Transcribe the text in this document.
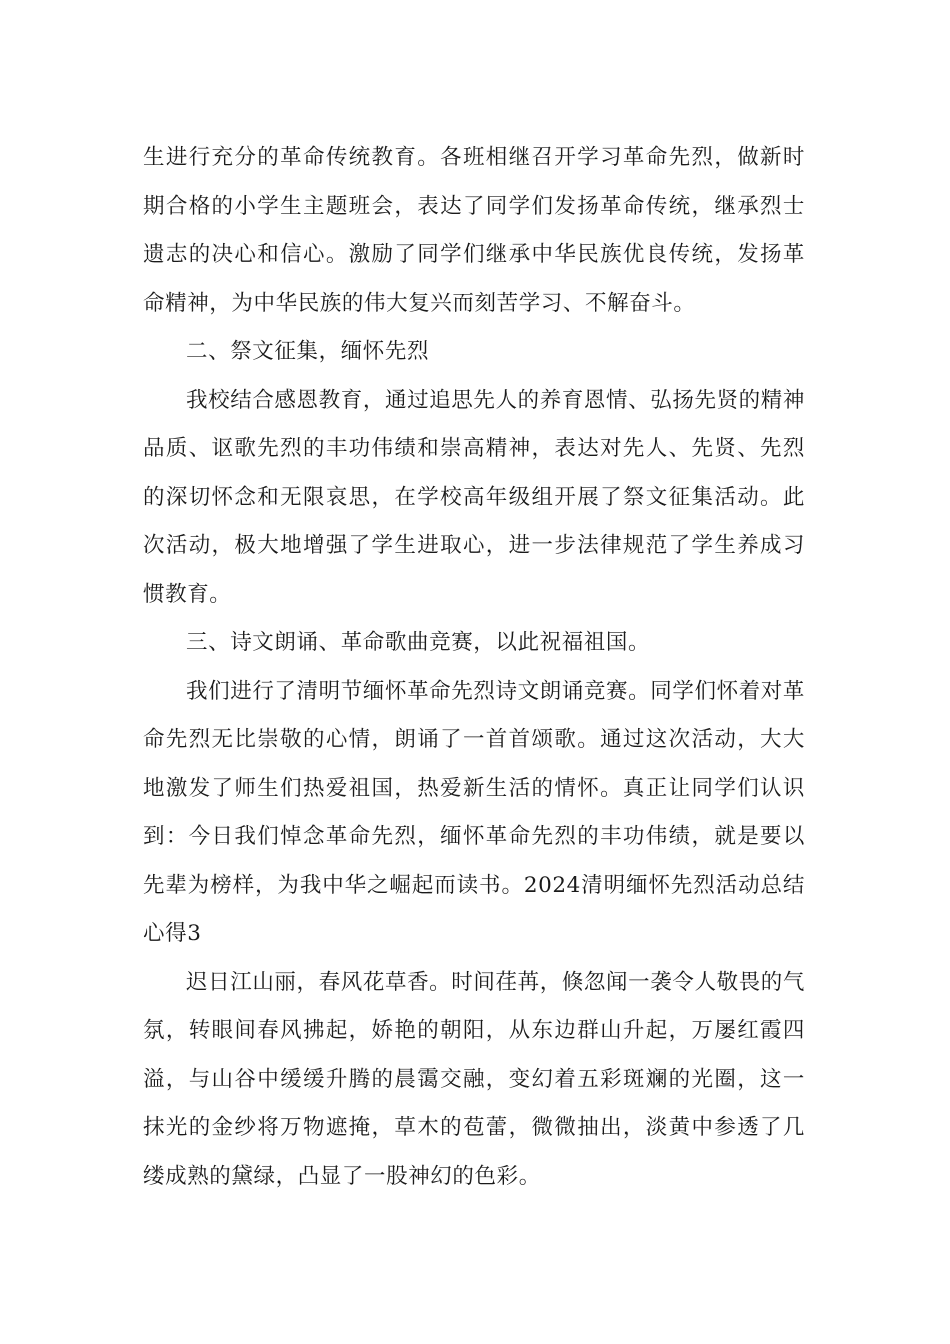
生进行充分的革命传统教育。各班相继召开学习革命先烈，做新时期合格的小学生主题班会，表达了同学们发扬革命传统，继承烈士遗志的决心和信心。激励了同学们继承中华民族优良传统，发扬革命精神，为中华民族的伟大复兴而刻苦学习、不解奋斗。

二、祭文征集，缅怀先烈

我校结合感恩教育，通过追思先人的养育恩情、弘扬先贤的精神品质、讴歌先烈的丰功伟绩和崇高精神，表达对先人、先贤、先烈的深切怀念和无限哀思，在学校高年级组开展了祭文征集活动。此次活动，极大地增强了学生进取心，进一步法律规范了学生养成习惯教育。

三、诗文朗诵、革命歌曲竞赛，以此祝福祖国。

我们进行了清明节缅怀革命先烈诗文朗诵竞赛。同学们怀着对革命先烈无比崇敬的心情，朗诵了一首首颂歌。通过这次活动，大大地激发了师生们热爱祖国，热爱新生活的情怀。真正让同学们认识到：今日我们悼念革命先烈，缅怀革命先烈的丰功伟绩，就是要以先辈为榜样，为我中华之崛起而读书。2024清明缅怀先烈活动总结心得3

迟日江山丽，春风花草香。时间荏苒，倏忽闻一袭令人敬畏的气氛，转眼间春风拂起，娇艳的朝阳，从东边群山升起，万屡红霞四溢，与山谷中缓缓升腾的晨霭交融，变幻着五彩斑斓的光圈，这一抹光的金纱将万物遮掩，草木的苞蕾，微微抽出，淡黄中参透了几缕成熟的黛绿，凸显了一股神幻的色彩。
